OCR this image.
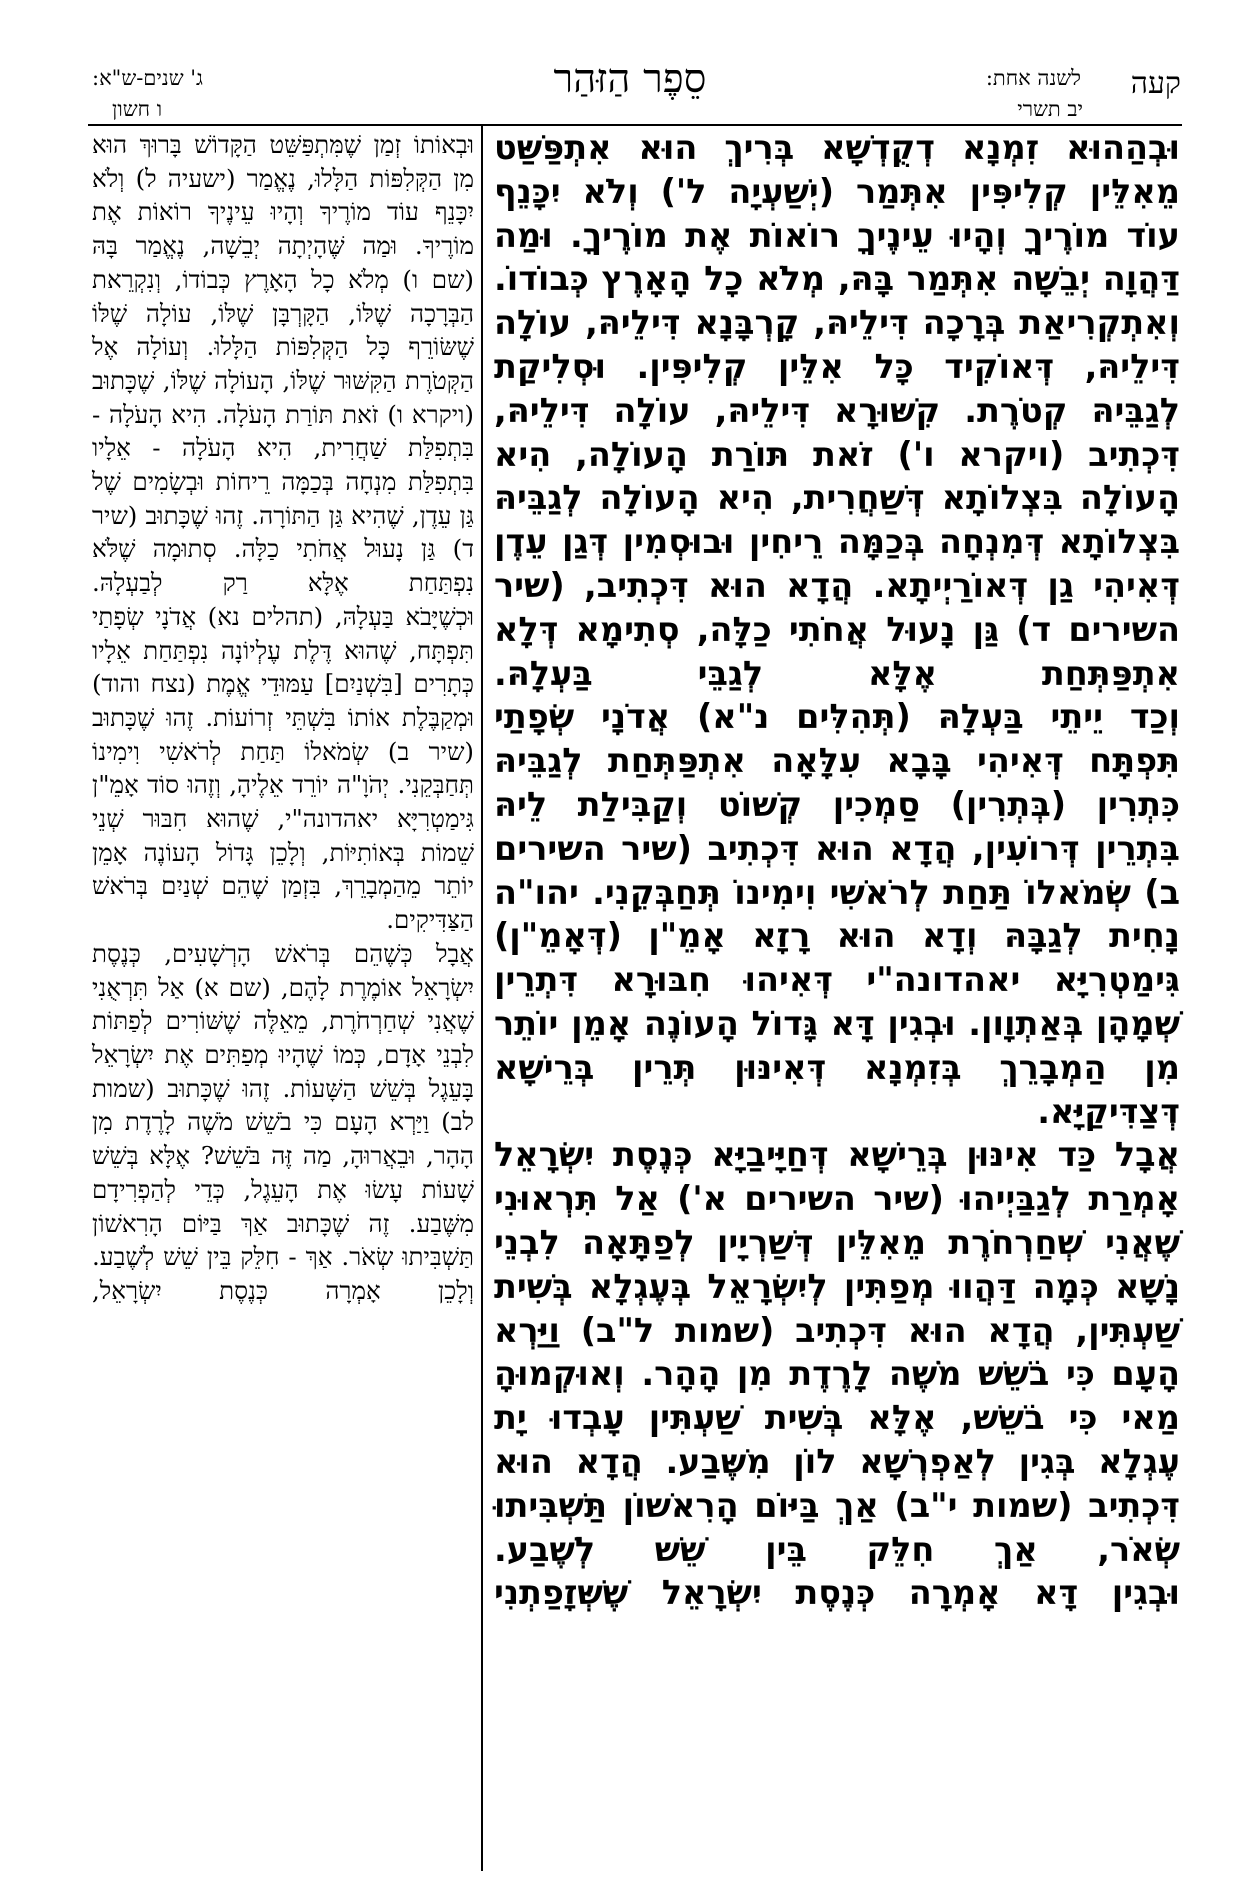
קעה
לשנה אחת:
יב תשרי
סֵפֶר הַזּהַר
ג' שנים-ש"א:
ו חשון

וּבְהַהוּא זִמְנָא דְקֻדְשָׁא בְּרִיךְ הוּא אִתְפַּשַּׁט מֵאִלֵּין קְלִיפִּין אִתְּמַר (יְשַׁעְיָה ל') וְלֹא יִכָּנֵף עוֹד מוֹרֶיךָ וְהָיוּ עֵינֶיךָ רוֹאוֹת אֶת מוֹרֶיךָ. וּמַה דַּהֲוָה יְבֵשָׁה אִתְּמַר בָּהּ, מְלֹא כָל הָאָרֶץ כְּבוֹדוֹ. וְאִתְקְרִיאַת בְּרָכָה דִּילֵיהּ, קָרְבָּנָא דִּילֵיהּ, עוֹלָה דִּילֵיהּ, דְּאוֹקִיד כָּל אִלֵּין קְלִיפִּין. וּסְלִיקַת לְגַבֵּיהּ קְטֹרֶת. קִשּׁוּרָא דִּילֵיהּ, עוֹלָה דִּילֵיהּ, דִּכְתִיב (ויקרא ו') זֹאת תּוֹרַת הָעוֹלָה, הִיא הָעוֹלָה בִּצְלוֹתָא דְּשַׁחֲרִית, הִיא הָעוֹלָה לְגַבֵּיהּ בִּצְלוֹתָא דְּמִנְחָה בְּכַמָּה רֵיחִין וּבוּסְמִין דְּגַן עֵדֶן דְּאִיהִי גַן דְּאוֹרַיְיתָא. הֲדָא הוּא דִּכְתִיב, (שיר השירים ד) גַּן נָעוּל אֲחֹתִי כַלָּה, סְתִימָא דְּלָא אִתְפַּתְּחַת אֶלָּא לְגַבֵּי בַּעְלָהּ.

וְכַד יֵיתֵי בַּעְלָהּ (תְּהִלִּים נ"א) אֲדֹנָי שְׂפָתַי תִּפְתָּח דְּאִיהִי בָּבָא עִלָּאָה אִתְפַּתְּחַת לְגַבֵּיהּ כִּתְרִין (בְּתְרִין) סַמְכִין קְשׁוֹט וְקַבִּילַת לֵיהּ בִּתְרֵין דְּרוֹעִין, הֲדָא הוּא דִּכְתִיב (שיר השירים ב) שְׂמֹאלוֹ תַּחַת לְרֹאשִׁי וִימִינוֹ תְּחַבְּקֵנִי. יהו"ה נָחִית לְגַבָּהּ וְדָא הוּא רָזָא אָמֵ"ן (דְּאָמֵ"ן) גִּימַטְרִיָּא יאהדונה"י דְּאִיהוּ חִבּוּרָא דִּתְרֵין שְׁמָהָן בְּאַתְוָון. וּבְגִין דָּא גָּדוֹל הָעוֹנֶה אָמֵן יוֹתֵר מִן הַמְבָרֵךְ בְּזִמְנָא דְּאִינּוּן תְּרֵין בְּרֵישָׁא דְּצַדִּיקַיָּא.

אֲבָל כַּד אִינּוּן בְּרֵישָׁא דְּחַיָּיבַיָּא כְּנֶסֶת יִשְׂרָאֵל אָמְרַת לְגַבַּיְיהוּ (שיר השירים א') אַל תִּרְאוּנִי שֶׁאֲנִי שְׁחַרְחֹרֶת מֵאִלֵּין דְּשַׁרְיָין לְפַתָּאָה לִבְנֵי נָשָׁא כְּמָה דַּהֲווּ מְפַתִּין לְיִשְׂרָאֵל בְּעֶגְלָא בְּשִׁית שַׁעְתִּין, הֲדָא הוּא דִּכְתִיב (שמות ל"ב) וַיַּרְא הָעָם כִּי בֹשֵׁשׁ מֹשֶׁה לָרֶדֶת מִן הָהָר. וְאוּקְמוּהָ מַאי כִּי בֹשֵׁשׁ, אֶלָּא בְּשִׁית שַׁעְתִּין עָבְדוּ יָת עֶגְלָא בְּגִין לְאַפְרְשָׁא לוֹן מִשֶּׁבַע. הֲדָא הוּא דִּכְתִיב (שמות י"ב) אַךְ בַּיּוֹם הָרִאשׁוֹן תַּשְׁבִּיתוּ שְׂאֹר, אַךְ חִלֵּק בֵּין שֵׁשׁ לְשֶׁבַע.

וּבְגִין דָּא אָמְרָה כְּנֶסֶת יִשְׂרָאֵל שֶׁשְּׁזָפַתְנִי

וּבְאוֹתוֹ זְמַן שֶׁמִּתְפַּשֵּׁט הַקָּדוֹשׁ בָּרוּךְ הוּא מִן הַקְּלִפּוֹת הַלָּלוּ, נֶאֱמַר (ישעיה ל) וְלֹא יִכָּנֵף עוֹד מוֹרֶיךָ וְהָיוּ עֵינֶיךָ רוֹאוֹת אֶת מוֹרֶיךָ. וּמַה שֶּׁהָיְתָה יְבֵשָׁה, נֶאֱמַר בָּהּ (שם ו) מְלֹא כָל הָאָרֶץ כְּבוֹדוֹ, וְנִקְרֵאת הַבְּרָכָה שֶׁלּוֹ, הַקָּרְבָּן שֶׁלּוֹ, עוֹלָה שֶׁלּוֹ שֶׁשּׂוֹרֵף כָּל הַקְּלִפּוֹת הַלָּלוּ. וְעוֹלָה אֶל הַקְּטֹרֶת הַקִּשּׁוּר שֶׁלּוֹ, הָעוֹלָה שֶׁלּוֹ, שֶׁכָּתוּב (ויקרא ו) זֹאת תּוֹרַת הָעֹלָה. הִיא הָעֹלָה - בִּתְפִלַּת שַׁחֲרִית, הִיא הָעֹלָה - אֵלָיו בִּתְפִלַּת מִנְחָה בְּכַמָּה רֵיחוֹת וּבְשָׂמִים שֶׁל גַּן עֵדֶן, שֶׁהִיא גַּן הַתּוֹרָה. זֶהוּ שֶׁכָּתוּב (שיר ד) גַּן נָעוּל אֲחֹתִי כַלָּה. סְתוּמָה שֶׁלֹּא נִפְתַּחַת אֶלָּא רַק לְבַעְלָהּ.

וּכְשֶׁיָּבֹא בַּעְלָהּ, (תהלים נא) אֲדֹנָי שְׂפָתַי תִּפְתָּח, שֶׁהוּא דֶּלֶת עֶלְיוֹנָה נִפְתַּחַת אֵלָיו כְּתָרִים [בִּשְׁנַיִם] עַמּוּדֵי אֱמֶת (נצח והוד) וּמְקַבֶּלֶת אוֹתוֹ בִּשְׁתֵּי זְרוֹעוֹת. זֶהוּ שֶׁכָּתוּב (שיר ב) שְׂמֹאלוֹ תַּחַת לְרֹאשִׁי וִימִינוֹ תְּחַבְּקֵנִי. יְהֹוָ"ה יוֹרֵד אֵלֶיהָ, וְזֶהוּ סוֹד אָמֵ"ן גִּימַטְרִיָּא יאהדונה"י, שֶׁהוּא חִבּוּר שְׁנֵי שֵׁמוֹת בְּאוֹתִיּוֹת, וְלָכֵן גָּדוֹל הָעוֹנֶה אָמֵן יוֹתֵר מֵהַמְבָרֵךְ, בִּזְמַן שֶׁהֵם שְׁנַיִם בְּרֹאשׁ הַצַּדִּיקִים.

אֲבָל כְּשֶׁהֵם בְּרֹאשׁ הָרְשָׁעִים, כְּנֶסֶת יִשְׂרָאֵל אוֹמֶרֶת לָהֶם, (שם א) אַל תִּרְאֻנִי שֶׁאֲנִי שְׁחַרְחֹרֶת, מֵאֵלֶּה שֶׁשּׁוֹרִים לְפַתּוֹת לִבְנֵי אָדָם, כְּמוֹ שֶׁהָיוּ מְפַתִּים אֶת יִשְׂרָאֵל בָּעֵגֶל בְּשֵׁשׁ הַשָּׁעוֹת. זֶהוּ שֶׁכָּתוּב (שמות לב) וַיַּרְא הָעָם כִּי בֹשֵׁשׁ מֹשֶׁה לָרֶדֶת מִן הָהָר, וּבֵאֲרוּהָ, מַה זֶּה בֹּשֵׁשׁ? אֶלָּא בְּשֵׁשׁ שָׁעוֹת עָשׂוּ אֶת הָעֵגֶל, כְּדֵי לְהַפְרִידָם מִשֶּׁבַע. זֶה שֶׁכָּתוּב אַךְ בַּיּוֹם הָרִאשׁוֹן תַּשְׁבִּיתוּ שְׂאֹר. אַךְ - חִלֵּק בֵּין שֵׁשׁ לְשֶׁבַע.

וְלָכֵן אָמְרָה כְּנֶסֶת יִשְׂרָאֵל,
